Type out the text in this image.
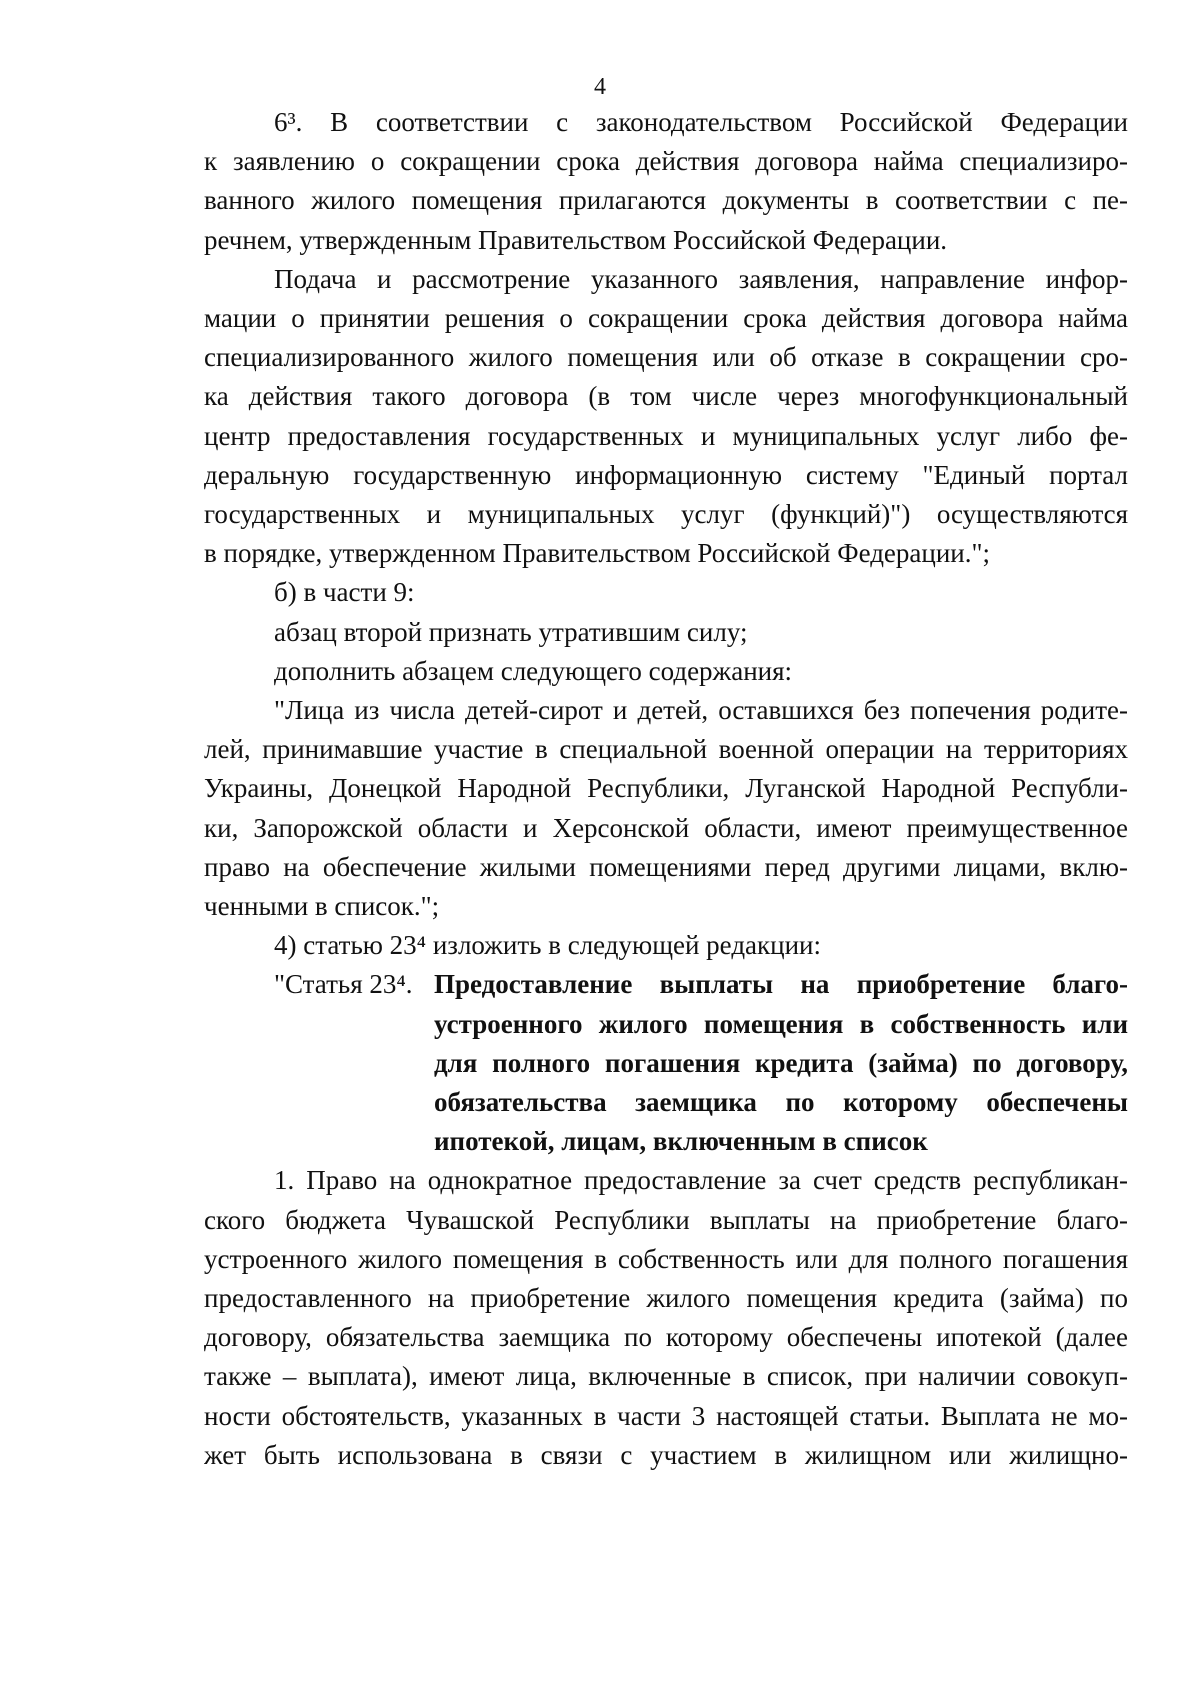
4
6³. В соответствии с законодательством Российской Федерации
к заявлению о сокращении срока действия договора найма специализиро-
ванного жилого помещения прилагаются документы в соответствии с пе-
речнем, утвержденным Правительством Российской Федерации.
Подача и рассмотрение указанного заявления, направление инфор-
мации о принятии решения о сокращении срока действия договора найма
специализированного жилого помещения или об отказе в сокращении сро-
ка действия такого договора (в том числе через многофункциональный
центр предоставления государственных и муниципальных услуг либо фе-
деральную государственную информационную систему "Единый портал
государственных и муниципальных услуг (функций)") осуществляются
в порядке, утвержденном Правительством Российской Федерации.";
б) в части 9:
абзац второй признать утратившим силу;
дополнить абзацем следующего содержания:
"Лица из числа детей-сирот и детей, оставшихся без попечения родите-
лей, принимавшие участие в специальной военной операции на территориях
Украины, Донецкой Народной Республики, Луганской Народной Республи-
ки, Запорожской области и Херсонской области, имеют преимущественное
право на обеспечение жилыми помещениями перед другими лицами, вклю-
ченными в список.";
4) статью 23⁴ изложить в следующей редакции:
"Статья 23⁴. Предоставление выплаты на приобретение благо-
устроенного жилого помещения в собственность или
для полного погашения кредита (займа) по договору,
обязательства заемщика по которому обеспечены
ипотекой, лицам, включенным в список
1. Право на однократное предоставление за счет средств республикан-
ского бюджета Чувашской Республики выплаты на приобретение благо-
устроенного жилого помещения в собственность или для полного погашения
предоставленного на приобретение жилого помещения кредита (займа) по
договору, обязательства заемщика по которому обеспечены ипотекой (далее
также – выплата), имеют лица, включенные в список, при наличии совокуп-
ности обстоятельств, указанных в части 3 настоящей статьи. Выплата не мо-
жет быть использована в связи с участием в жилищном или жилищно-
